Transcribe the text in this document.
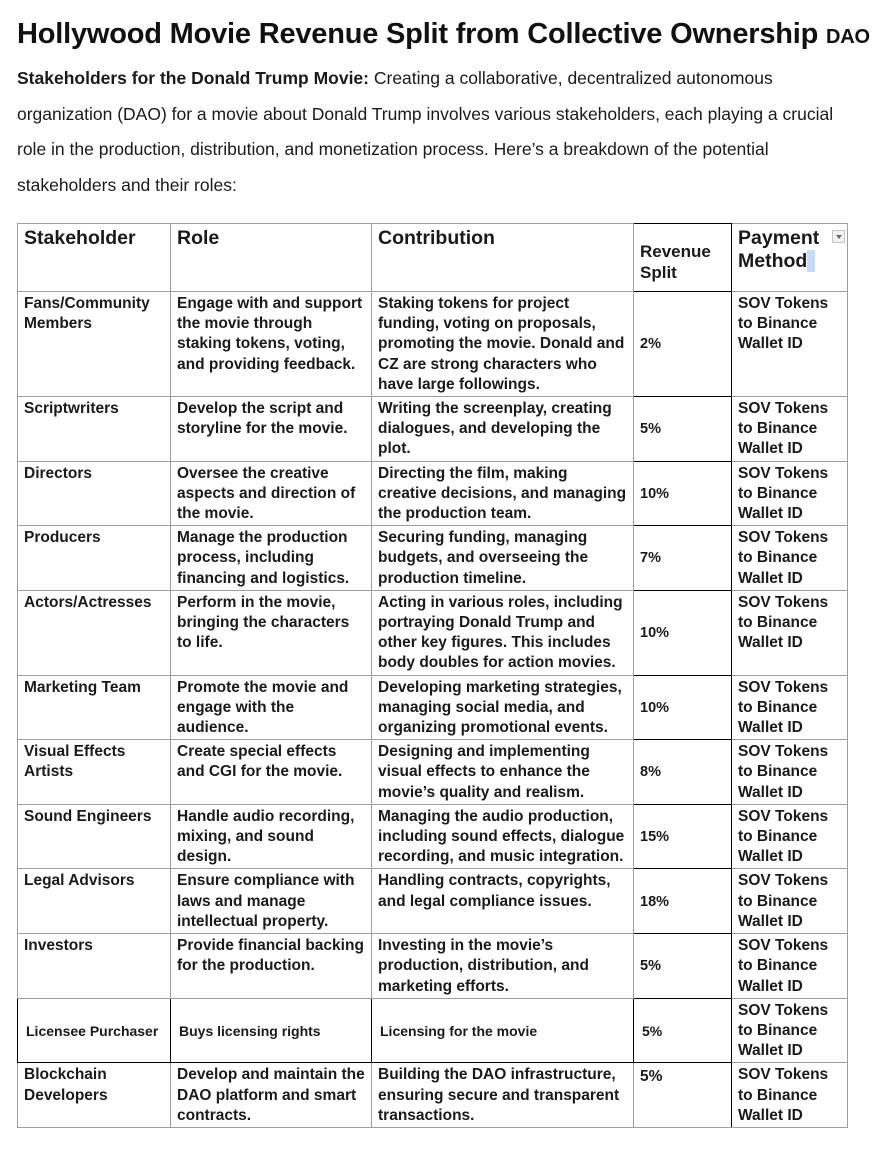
Hollywood Movie Revenue Split from Collective Ownership DAO

Stakeholders for the Donald Trump Movie: Creating a collaborative, decentralized autonomous organization (DAO) for a movie about Donald Trump involves various stakeholders, each playing a crucial role in the production, distribution, and monetization process. Here’s a breakdown of the potential stakeholders and their roles:

Stakeholder	Role	Contribution	Revenue Split	Payment Method

Fans/Community Members	Engage with and support the movie through staking tokens, voting, and providing feedback.	Staking tokens for project funding, voting on proposals, promoting the movie. Donald and CZ are strong characters who have large followings.	2%	SOV Tokens to Binance Wallet ID
Scriptwriters	Develop the script and storyline for the movie.	Writing the screenplay, creating dialogues, and developing the plot.	5%	SOV Tokens to Binance Wallet ID
Directors	Oversee the creative aspects and direction of the movie.	Directing the film, making creative decisions, and managing the production team.	10%	SOV Tokens to Binance Wallet ID
Producers	Manage the production process, including financing and logistics.	Securing funding, managing budgets, and overseeing the production timeline.	7%	SOV Tokens to Binance Wallet ID
Actors/Actresses	Perform in the movie, bringing the characters to life.	Acting in various roles, including portraying Donald Trump and other key figures. This includes body doubles for action movies.	10%	SOV Tokens to Binance Wallet ID
Marketing Team	Promote the movie and engage with the audience.	Developing marketing strategies, managing social media, and organizing promotional events.	10%	SOV Tokens to Binance Wallet ID
Visual Effects Artists	Create special effects and CGI for the movie.	Designing and implementing visual effects to enhance the movie’s quality and realism.	8%	SOV Tokens to Binance Wallet ID
Sound Engineers	Handle audio recording, mixing, and sound design.	Managing the audio production, including sound effects, dialogue recording, and music integration.	15%	SOV Tokens to Binance Wallet ID
Legal Advisors	Ensure compliance with laws and manage intellectual property.	Handling contracts, copyrights, and legal compliance issues.	18%	SOV Tokens to Binance Wallet ID
Investors	Provide financial backing for the production.	Investing in the movie’s production, distribution, and marketing efforts.	5%	SOV Tokens to Binance Wallet ID
Licensee Purchaser	Buys licensing rights	Licensing for the movie	5%	SOV Tokens to Binance Wallet ID
Blockchain Developers	Develop and maintain the DAO platform and smart contracts.	Building the DAO infrastructure, ensuring secure and transparent transactions.	5%	SOV Tokens to Binance Wallet ID
